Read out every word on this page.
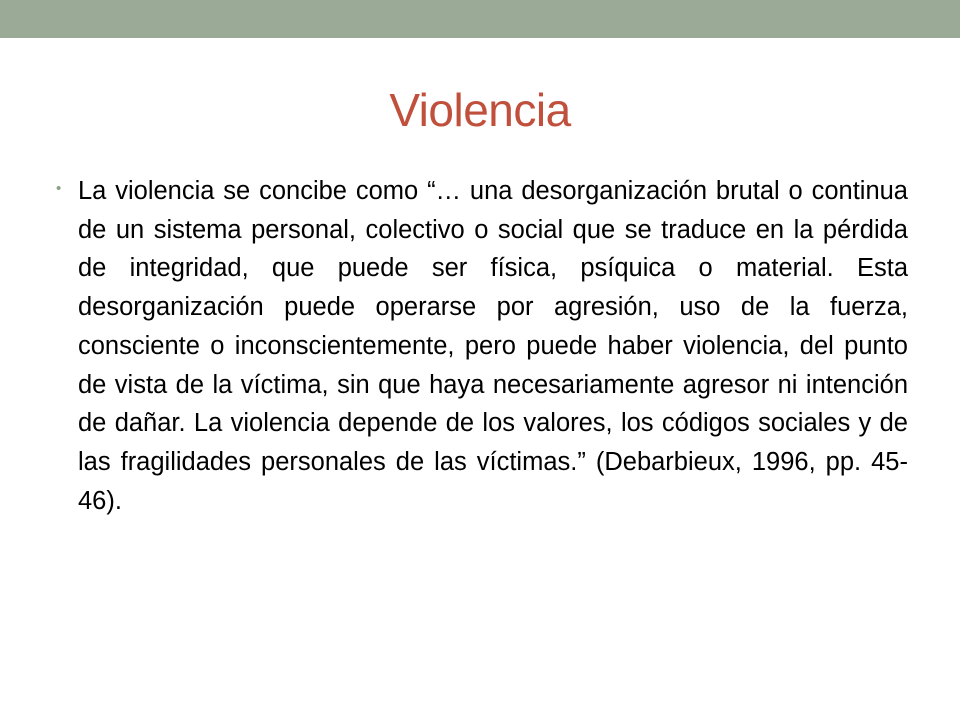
Violencia
• La violencia se concibe como “… una desorganización brutal o continua de un sistema personal, colectivo o social que se traduce en la pérdida de integridad, que puede ser física, psíquica o material. Esta desorganización puede operarse por agresión, uso de la fuerza, consciente o inconscientemente, pero puede haber violencia, del punto de vista de la víctima, sin que haya necesariamente agresor ni intención de dañar. La violencia depende de los valores, los códigos sociales y de las fragilidades personales de las víctimas.” (Debarbieux, 1996, pp. 45-46).
